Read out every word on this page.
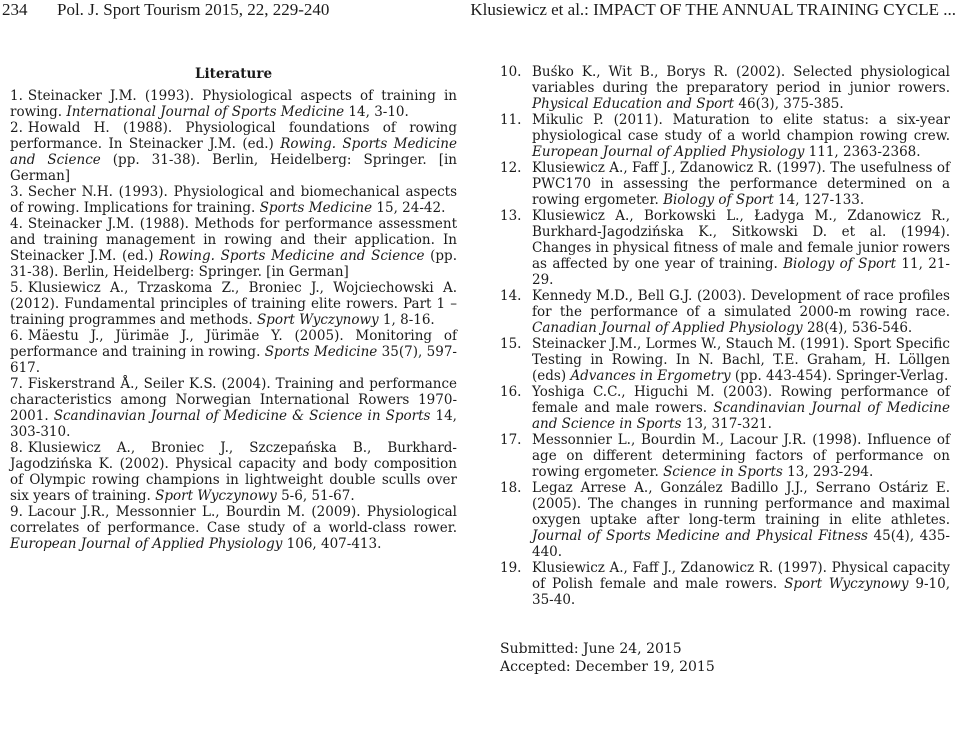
234 Pol. J. Sport Tourism 2015, 22, 229-240	Klusiewicz et al.: IMPACT OF THE ANNUAL TRAINING CYCLE ...
Literature
1. Steinacker J.M. (1993). Physiological aspects of training in rowing. International Journal of Sports Medicine 14, 3-10.
2. Howald H. (1988). Physiological foundations of rowing performance. In Steinacker J.M. (ed.) Rowing. Sports Medicine and Science (pp. 31-38). Berlin, Heidelberg: Springer. [in German]
3. Secher N.H. (1993). Physiological and biomechanical aspects of rowing. Implications for training. Sports Medicine 15, 24-42.
4. Steinacker J.M. (1988). Methods for performance assessment and training management in rowing and their application. In Steinacker J.M. (ed.) Rowing. Sports Medicine and Science (pp. 31-38). Berlin, Heidelberg: Springer. [in German]
5. Klusiewicz A., Trzaskoma Z., Broniec J., Wojciechowski A. (2012). Fundamental principles of training elite rowers. Part 1 – training programmes and methods. Sport Wyczynowy 1, 8-16.
6. Mäestu J., Jürimäe J., Jürimäe Y. (2005). Monitoring of performance and training in rowing. Sports Medicine 35(7), 597-617.
7. Fiskerstrand Å., Seiler K.S. (2004). Training and performance characteristics among Norwegian International Rowers 1970-2001. Scandinavian Journal of Medicine & Science in Sports 14, 303-310.
8. Klusiewicz A., Broniec J., Szczepańska B., Burkhard-Jagodzińska K. (2002). Physical capacity and body composition of Olympic rowing champions in lightweight double sculls over six years of training. Sport Wyczynowy 5-6, 51-67.
9. Lacour J.R., Messonnier L., Bourdin M. (2009). Physiological correlates of performance. Case study of a world-class rower. European Journal of Applied Physiology 106, 407-413.
10. Buśko K., Wit B., Borys R. (2002). Selected physiological variables during the preparatory period in junior rowers. Physical Education and Sport 46(3), 375-385.
11. Mikulic P. (2011). Maturation to elite status: a six-year physiological case study of a world champion rowing crew. European Journal of Applied Physiology 111, 2363-2368.
12. Klusiewicz A., Faff J., Zdanowicz R. (1997). The usefulness of PWC170 in assessing the performance determined on a rowing ergometer. Biology of Sport 14, 127-133.
13. Klusiewicz A., Borkowski L., Ładyga M., Zdanowicz R., Burkhard-Jagodzińska K., Sitkowski D. et al. (1994). Changes in physical fitness of male and female junior rowers as affected by one year of training. Biology of Sport 11, 21-29.
14. Kennedy M.D., Bell G.J. (2003). Development of race profiles for the performance of a simulated 2000-m rowing race. Canadian Journal of Applied Physiology 28(4), 536-546.
15. Steinacker J.M., Lormes W., Stauch M. (1991). Sport Specific Testing in Rowing. In N. Bachl, T.E. Graham, H. Löllgen (eds) Advances in Ergometry (pp. 443-454). Springer-Verlag.
16. Yoshiga C.C., Higuchi M. (2003). Rowing performance of female and male rowers. Scandinavian Journal of Medicine and Science in Sports 13, 317-321.
17. Messonnier L., Bourdin M., Lacour J.R. (1998). Influence of age on different determining factors of performance on rowing ergometer. Science in Sports 13, 293-294.
18. Legaz Arrese A., González Badillo J.J., Serrano Ostáriz E. (2005). The changes in running performance and maximal oxygen uptake after long-term training in elite athletes. Journal of Sports Medicine and Physical Fitness 45(4), 435-440.
19. Klusiewicz A., Faff J., Zdanowicz R. (1997). Physical capacity of Polish female and male rowers. Sport Wyczynowy 9-10, 35-40.
Submitted: June 24, 2015
Accepted: December 19, 2015
